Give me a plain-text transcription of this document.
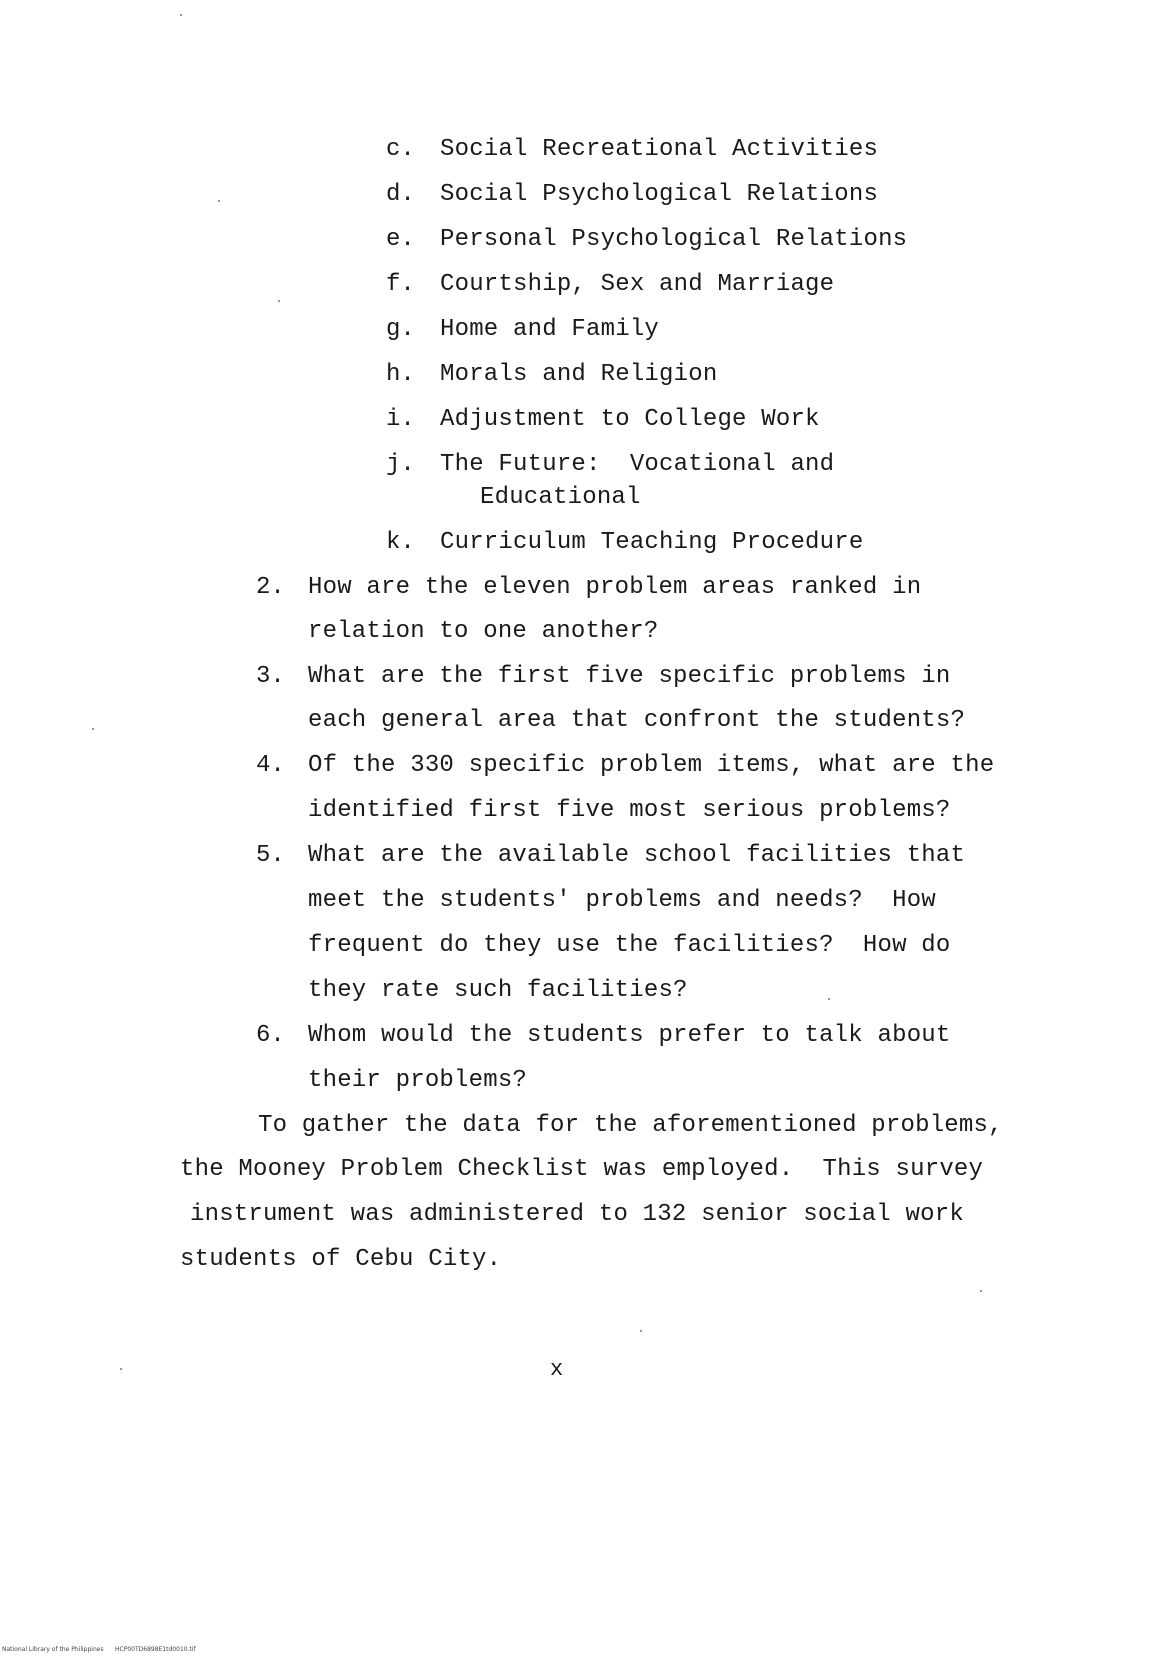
c. Social Recreational Activities
d. Social Psychological Relations
e. Personal Psychological Relations
f. Courtship, Sex and Marriage
g. Home and Family
h. Morals and Religion
i. Adjustment to College Work
j. The Future:  Vocational and
Educational
k. Curriculum Teaching Procedure
2. How are the eleven problem areas ranked in
relation to one another?
3. What are the first five specific problems in
each general area that confront the students?
4. Of the 330 specific problem items, what are the
identified first five most serious problems?
5. What are the available school facilities that
meet the students' problems and needs?  How
frequent do they use the facilities?  How do
they rate such facilities?
6. Whom would the students prefer to talk about
their problems?
To gather the data for the aforementioned problems,
the Mooney Problem Checklist was employed.  This survey
instrument was administered to 132 senior social work
students of Cebu City.
x
National Library of the Philippines HCP00TD6898E1td0010.tif
